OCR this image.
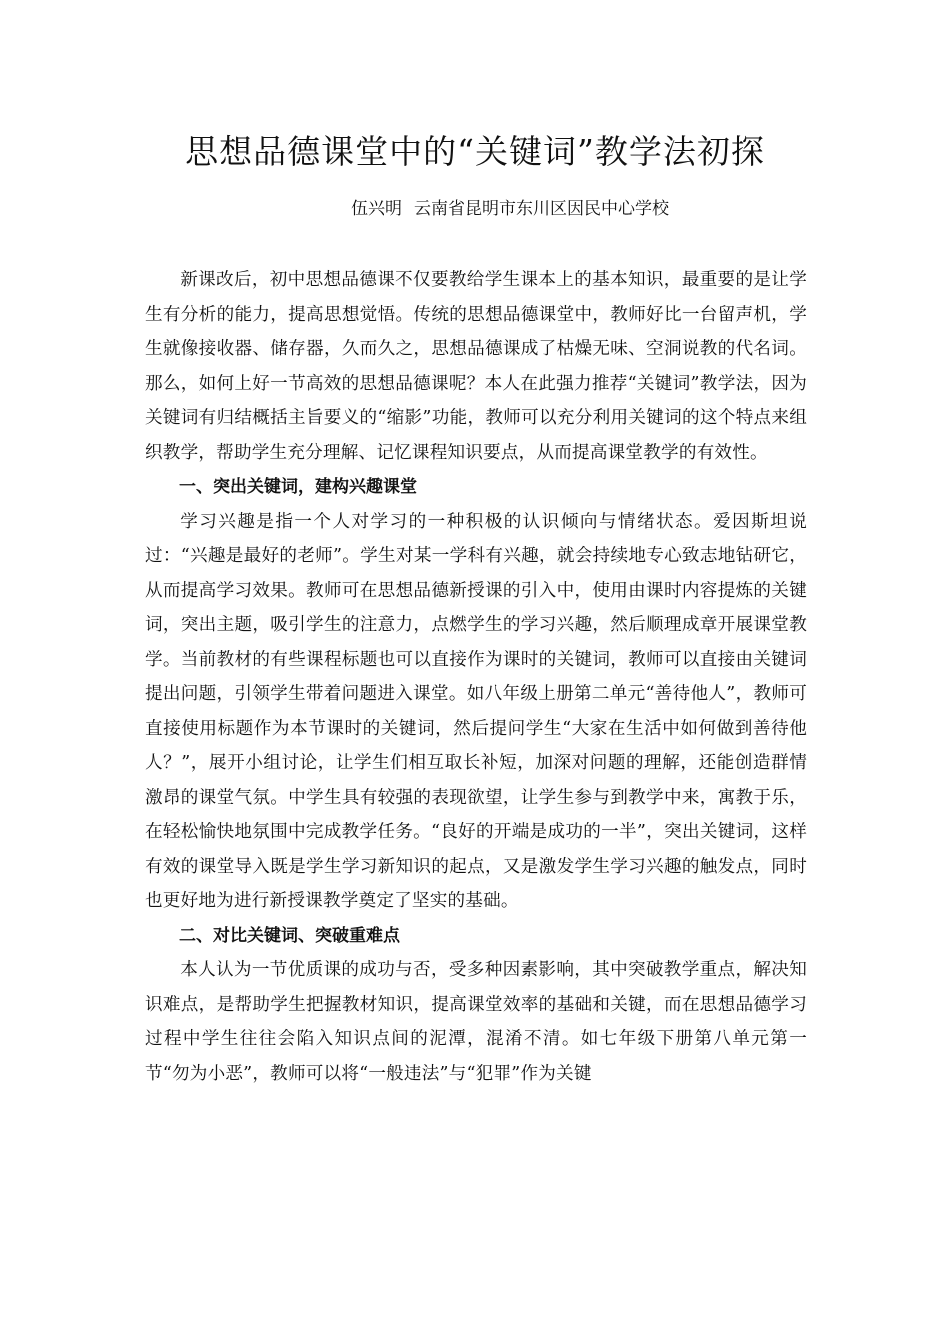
思想品德课堂中的“关键词”教学法初探
伍兴明 云南省昆明市东川区因民中心学校

新课改后，初中思想品德课不仅要教给学生课本上的基本知识，最重要的是让学生有分析的能力，提高思想觉悟。传统的思想品德课堂中，教师好比一台留声机，学生就像接收器、储存器，久而久之，思想品德课成了枯燥无味、空洞说教的代名词。那么，如何上好一节高效的思想品德课呢？本人在此强力推荐“关键词”教学法，因为关键词有归结概括主旨要义的“缩影”功能，教师可以充分利用关键词的这个特点来组织教学，帮助学生充分理解、记忆课程知识要点，从而提高课堂教学的有效性。

一、突出关键词，建构兴趣课堂

学习兴趣是指一个人对学习的一种积极的认识倾向与情绪状态。爱因斯坦说过：“兴趣是最好的老师”。学生对某一学科有兴趣，就会持续地专心致志地钻研它，从而提高学习效果。教师可在思想品德新授课的引入中，使用由课时内容提炼的关键词，突出主题，吸引学生的注意力，点燃学生的学习兴趣，然后顺理成章开展课堂教学。当前教材的有些课程标题也可以直接作为课时的关键词，教师可以直接由关键词提出问题，引领学生带着问题进入课堂。如八年级上册第二单元“善待他人”，教师可直接使用标题作为本节课时的关键词，然后提问学生“大家在生活中如何做到善待他人？”，展开小组讨论，让学生们相互取长补短，加深对问题的理解，还能创造群情激昂的课堂气氛。中学生具有较强的表现欲望，让学生参与到教学中来，寓教于乐，在轻松愉快地氛围中完成教学任务。“良好的开端是成功的一半”，突出关键词，这样有效的课堂导入既是学生学习新知识的起点，又是激发学生学习兴趣的触发点，同时也更好地为进行新授课教学奠定了坚实的基础。

二、对比关键词、突破重难点

本人认为一节优质课的成功与否，受多种因素影响，其中突破教学重点，解决知识难点，是帮助学生把握教材知识，提高课堂效率的基础和关键，而在思想品德学习过程中学生往往会陷入知识点间的泥潭，混淆不清。如七年级下册第八单元第一节“勿为小恶”，教师可以将“一般违法”与“犯罪”作为关键
